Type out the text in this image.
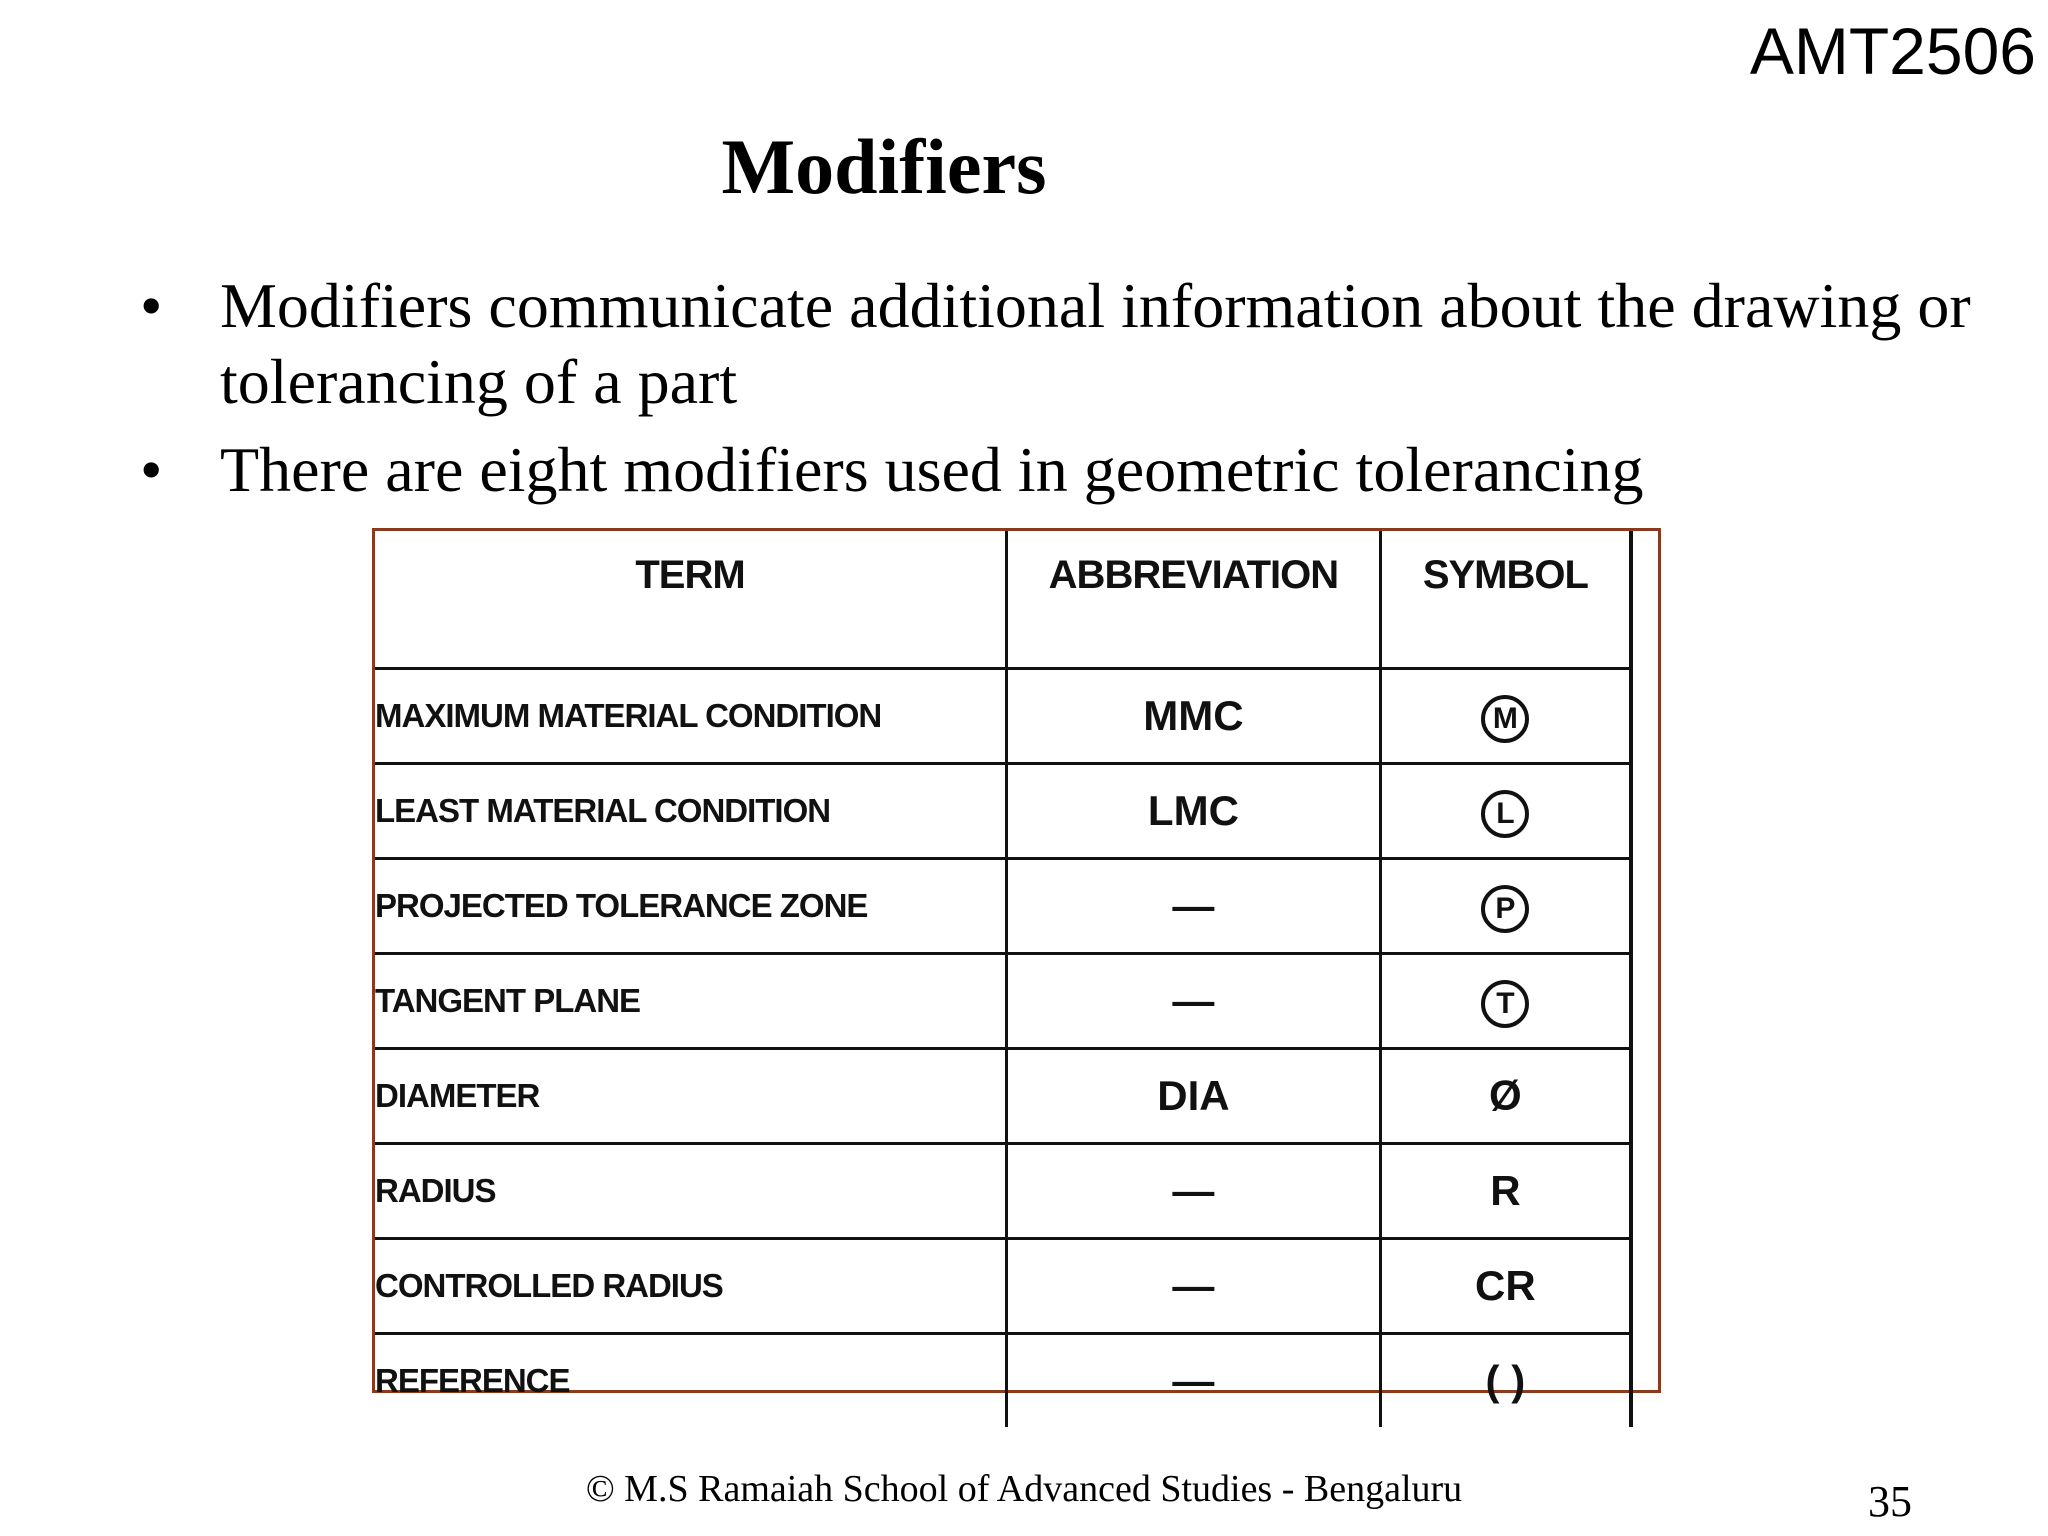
AMT2506
Modifiers
• Modifiers communicate additional information about the drawing or tolerancing of a part
• There are eight modifiers used in geometric tolerancing
TERM	ABBREVIATION	SYMBOL
MAXIMUM MATERIAL CONDITION	MMC	M
LEAST MATERIAL CONDITION	LMC	L
PROJECTED TOLERANCE ZONE	—	P
TANGENT PLANE	—	T
DIAMETER	DIA	Ø
RADIUS	—	R
CONTROLLED RADIUS	—	CR
REFERENCE	—	( )
© M.S Ramaiah School of Advanced Studies - Bengaluru	35
